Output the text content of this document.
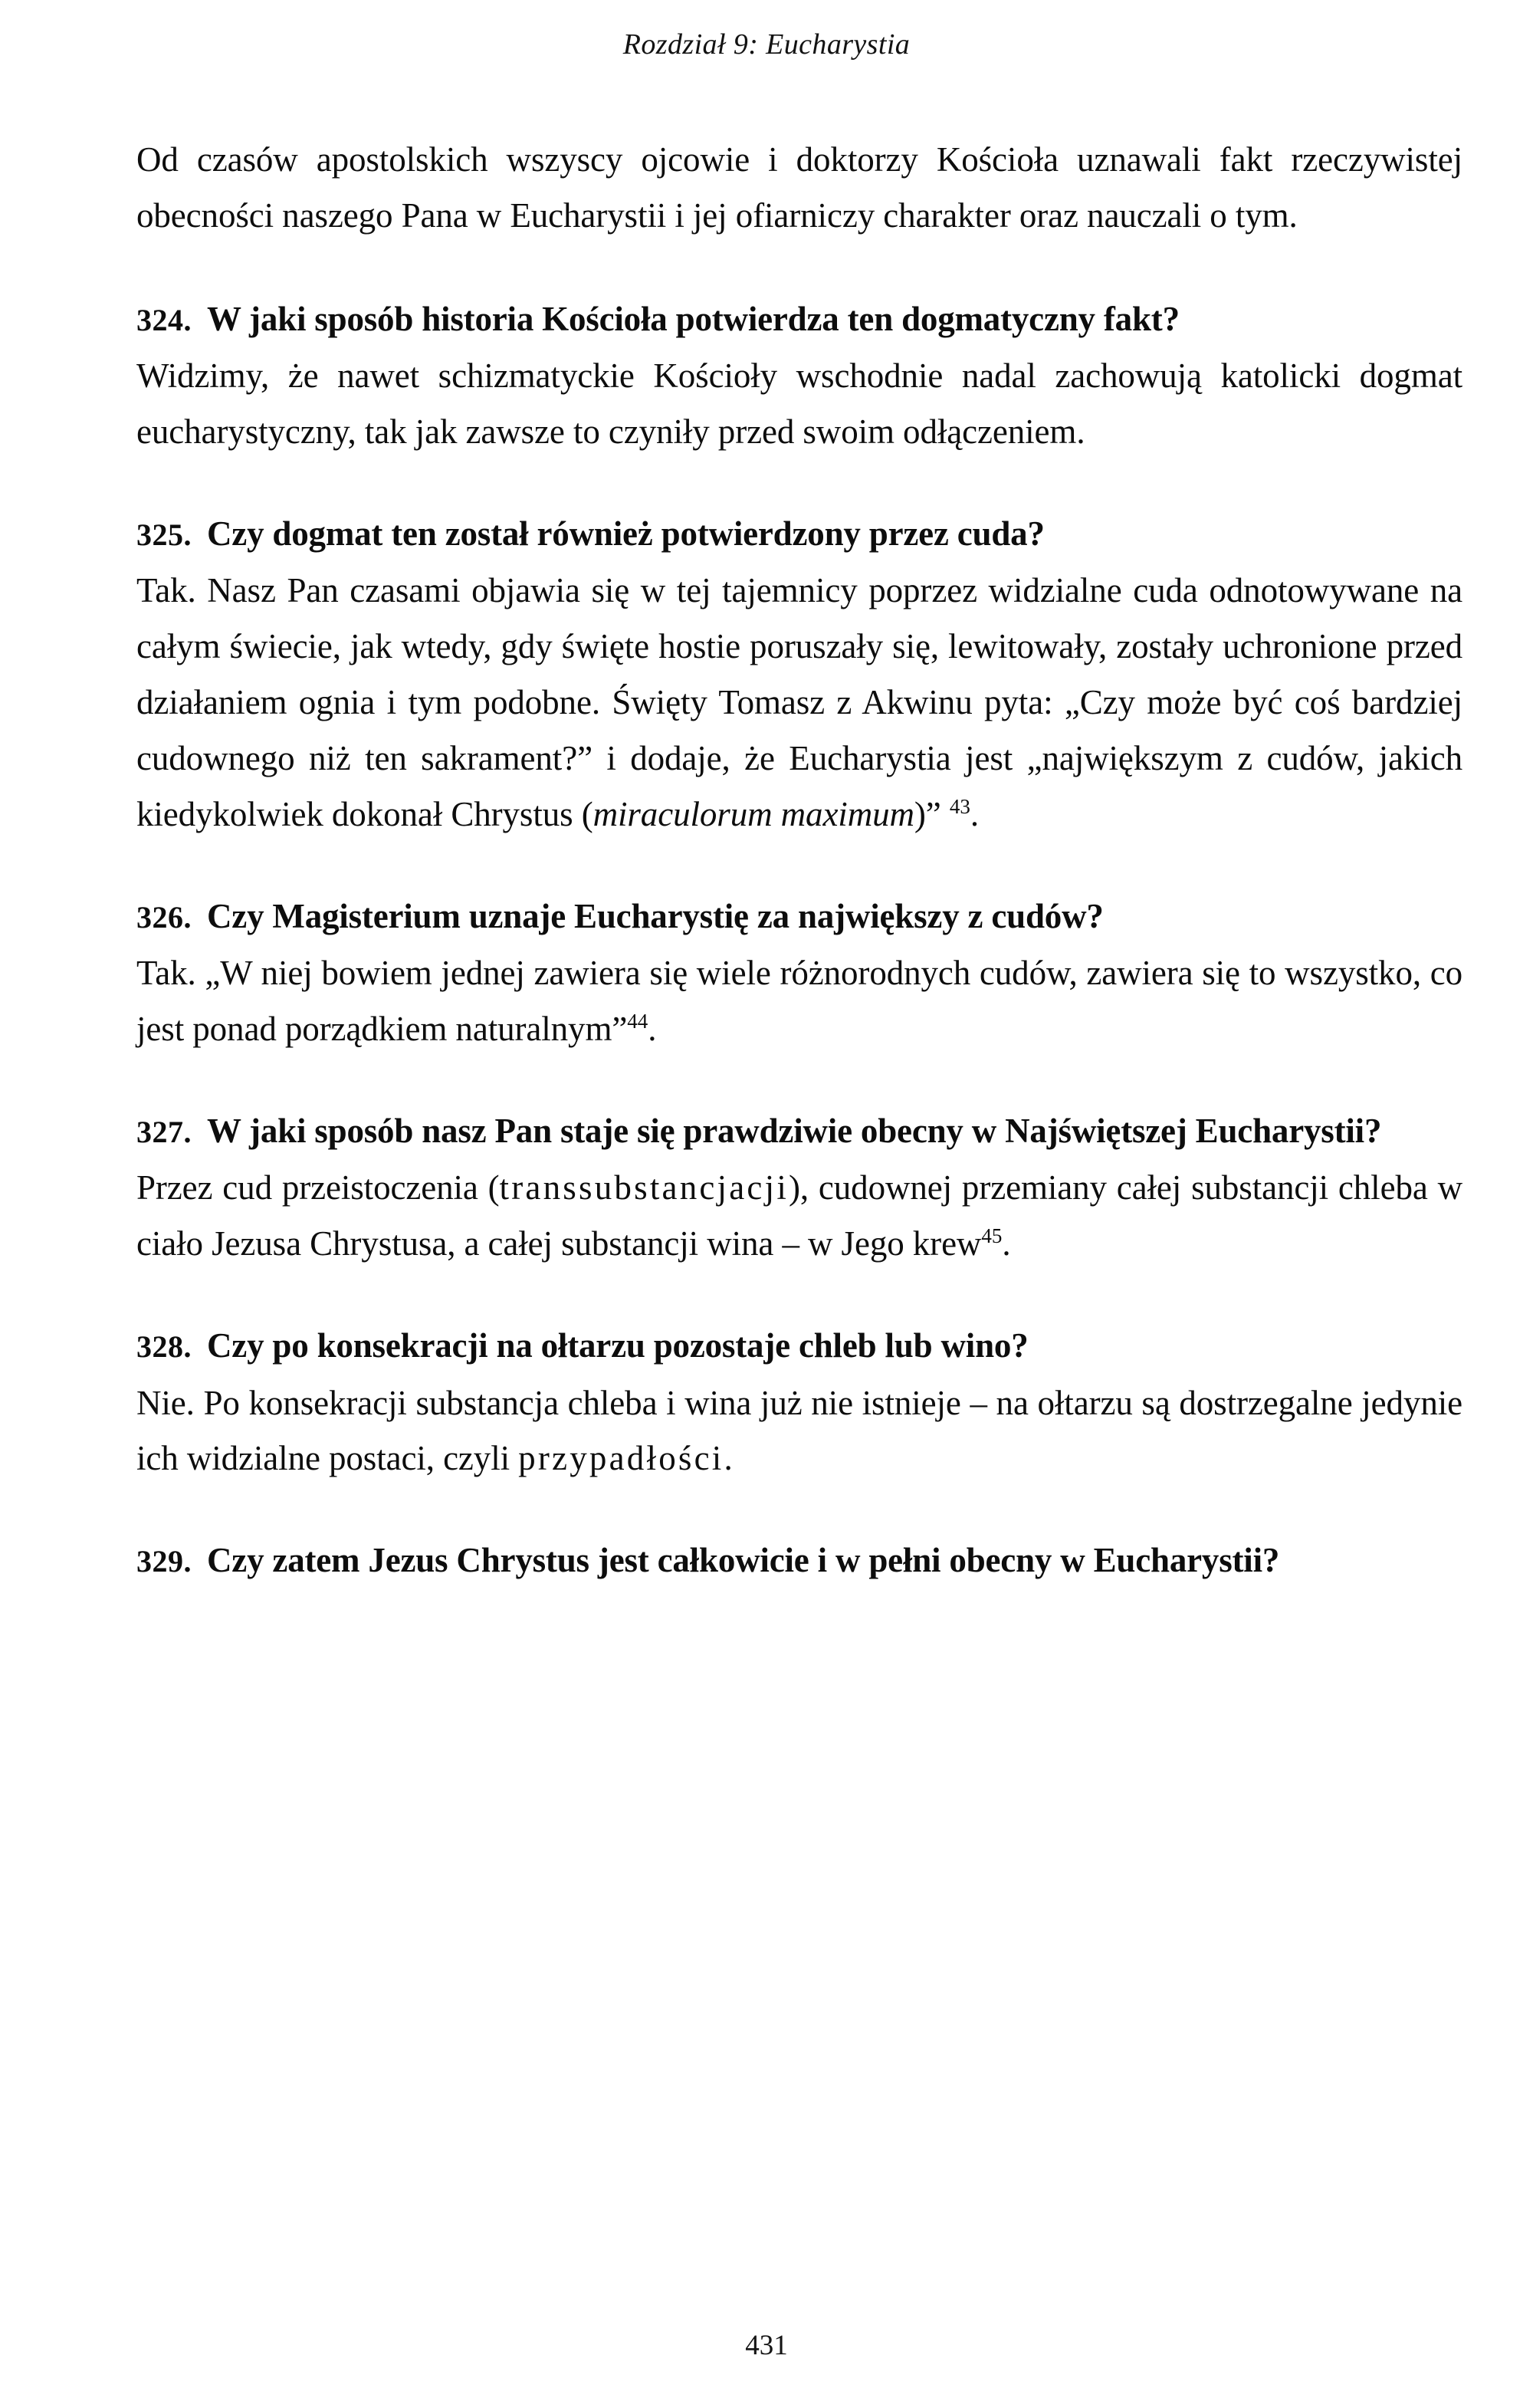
Rozdział 9: Eucharystia

Od czasów apostolskich wszyscy ojcowie i doktorzy Kościoła uznawali fakt rzeczywistej obecności naszego Pana w Eucharystii i jej ofiarniczy charakter oraz nauczali o tym.

324. W jaki sposób historia Kościoła potwierdza ten dogmatyczny fakt?

Widzimy, że nawet schizmatyckie Kościoły wschodnie nadal zachowują katolicki dogmat eucharystyczny, tak jak zawsze to czyniły przed swoim odłączeniem.

325. Czy dogmat ten został również potwierdzony przez cuda?

Tak. Nasz Pan czasami objawia się w tej tajemnicy poprzez widzialne cuda odnotowywane na całym świecie, jak wtedy, gdy święte hostie poruszały się, lewitowały, zostały uchronione przed działaniem ognia i tym podobne. Święty Tomasz z Akwinu pyta: „Czy może być coś bardziej cudownego niż ten sakrament?” i dodaje, że Eucharystia jest „największym z cudów, jakich kiedykolwiek dokonał Chrystus (miraculorum maximum)” $^{43}$.

326. Czy Magisterium uznaje Eucharystię za największy z cudów?

Tak. „W niej bowiem jednej zawiera się wiele różnorodnych cudów, zawiera się to wszystko, co jest ponad porządkiem naturalnym”$^{44}$.

327. W jaki sposób nasz Pan staje się prawdziwie obecny w Najświętszej Eucharystii?

Przez cud przeistoczenia (transsubstancjacji), cudownej przemiany całej substancji chleba w ciało Jezusa Chrystusa, a całej substancji wina – w Jego krew$^{45}$.

328. Czy po konsekracji na ołtarzu pozostaje chleb lub wino?

Nie. Po konsekracji substancja chleba i wina już nie istnieje – na ołtarzu są dostrzegalne jedynie ich widzialne postaci, czyli przypadłości.

329. Czy zatem Jezus Chrystus jest całkowicie i w pełni obecny w Eucharystii?
431
